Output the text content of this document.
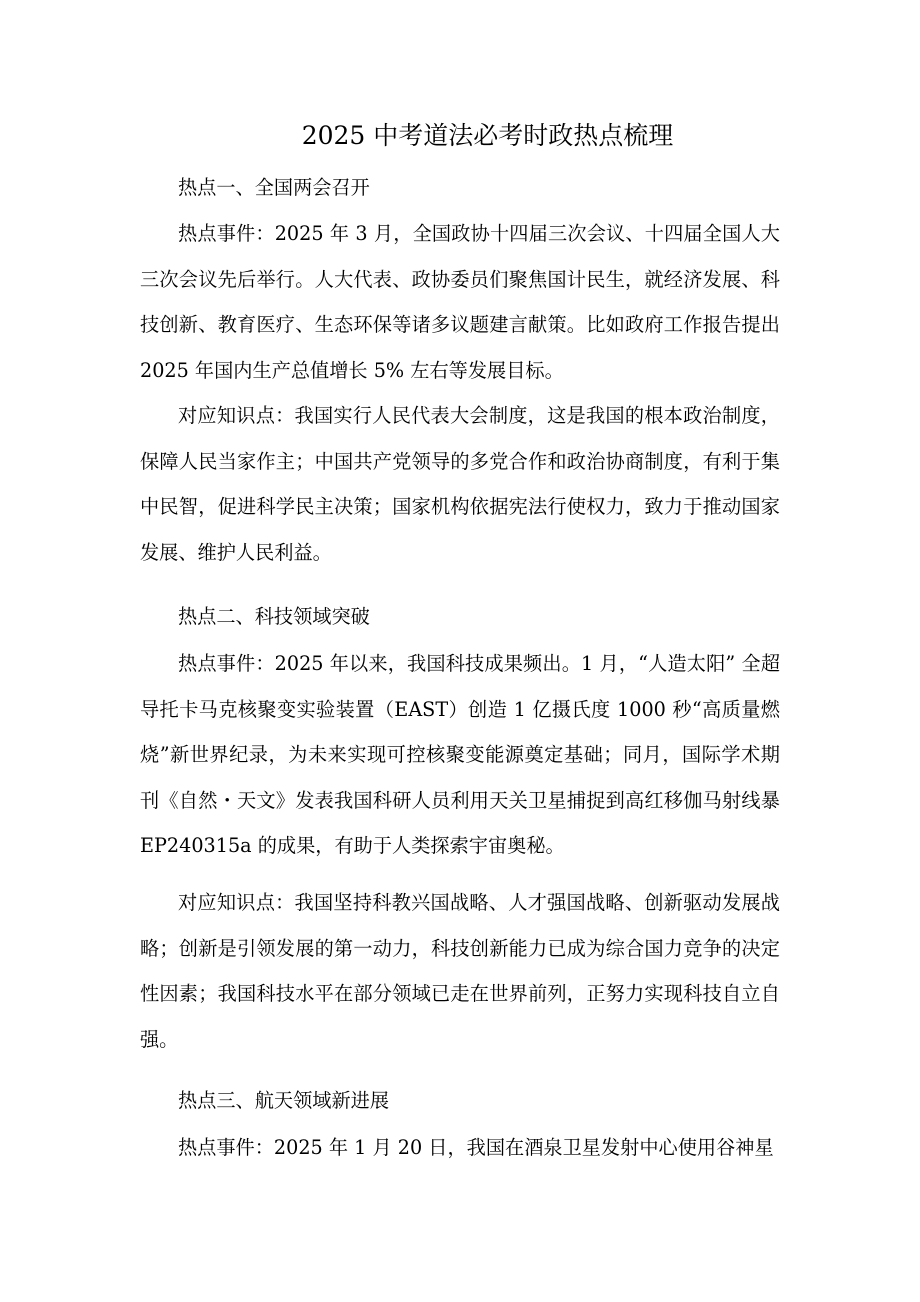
2025 中考道法必考时政热点梳理

热点一、全国两会召开

热点事件：2025 年 3 月，全国政协十四届三次会议、十四届全国人大三次会议先后举行。人大代表、政协委员们聚焦国计民生，就经济发展、科技创新、教育医疗、生态环保等诸多议题建言献策。比如政府工作报告提出2025 年国内生产总值增长 5% 左右等发展目标。

对应知识点：我国实行人民代表大会制度，这是我国的根本政治制度，保障人民当家作主；中国共产党领导的多党合作和政治协商制度，有利于集中民智，促进科学民主决策；国家机构依据宪法行使权力，致力于推动国家发展、维护人民利益。

热点二、科技领域突破

热点事件：2025 年以来，我国科技成果频出。1 月，“人造太阳” 全超导托卡马克核聚变实验装置（EAST）创造 1 亿摄氏度 1000 秒“高质量燃烧”新世界纪录，为未来实现可控核聚变能源奠定基础；同月，国际学术期刊《自然・天文》发表我国科研人员利用天关卫星捕捉到高红移伽马射线暴EP240315a 的成果，有助于人类探索宇宙奥秘。

对应知识点：我国坚持科教兴国战略、人才强国战略、创新驱动发展战略；创新是引领发展的第一动力，科技创新能力已成为综合国力竞争的决定性因素；我国科技水平在部分领域已走在世界前列，正努力实现科技自立自强。

热点三、航天领域新进展

热点事件：2025 年 1 月 20 日，我国在酒泉卫星发射中心使用谷神星
